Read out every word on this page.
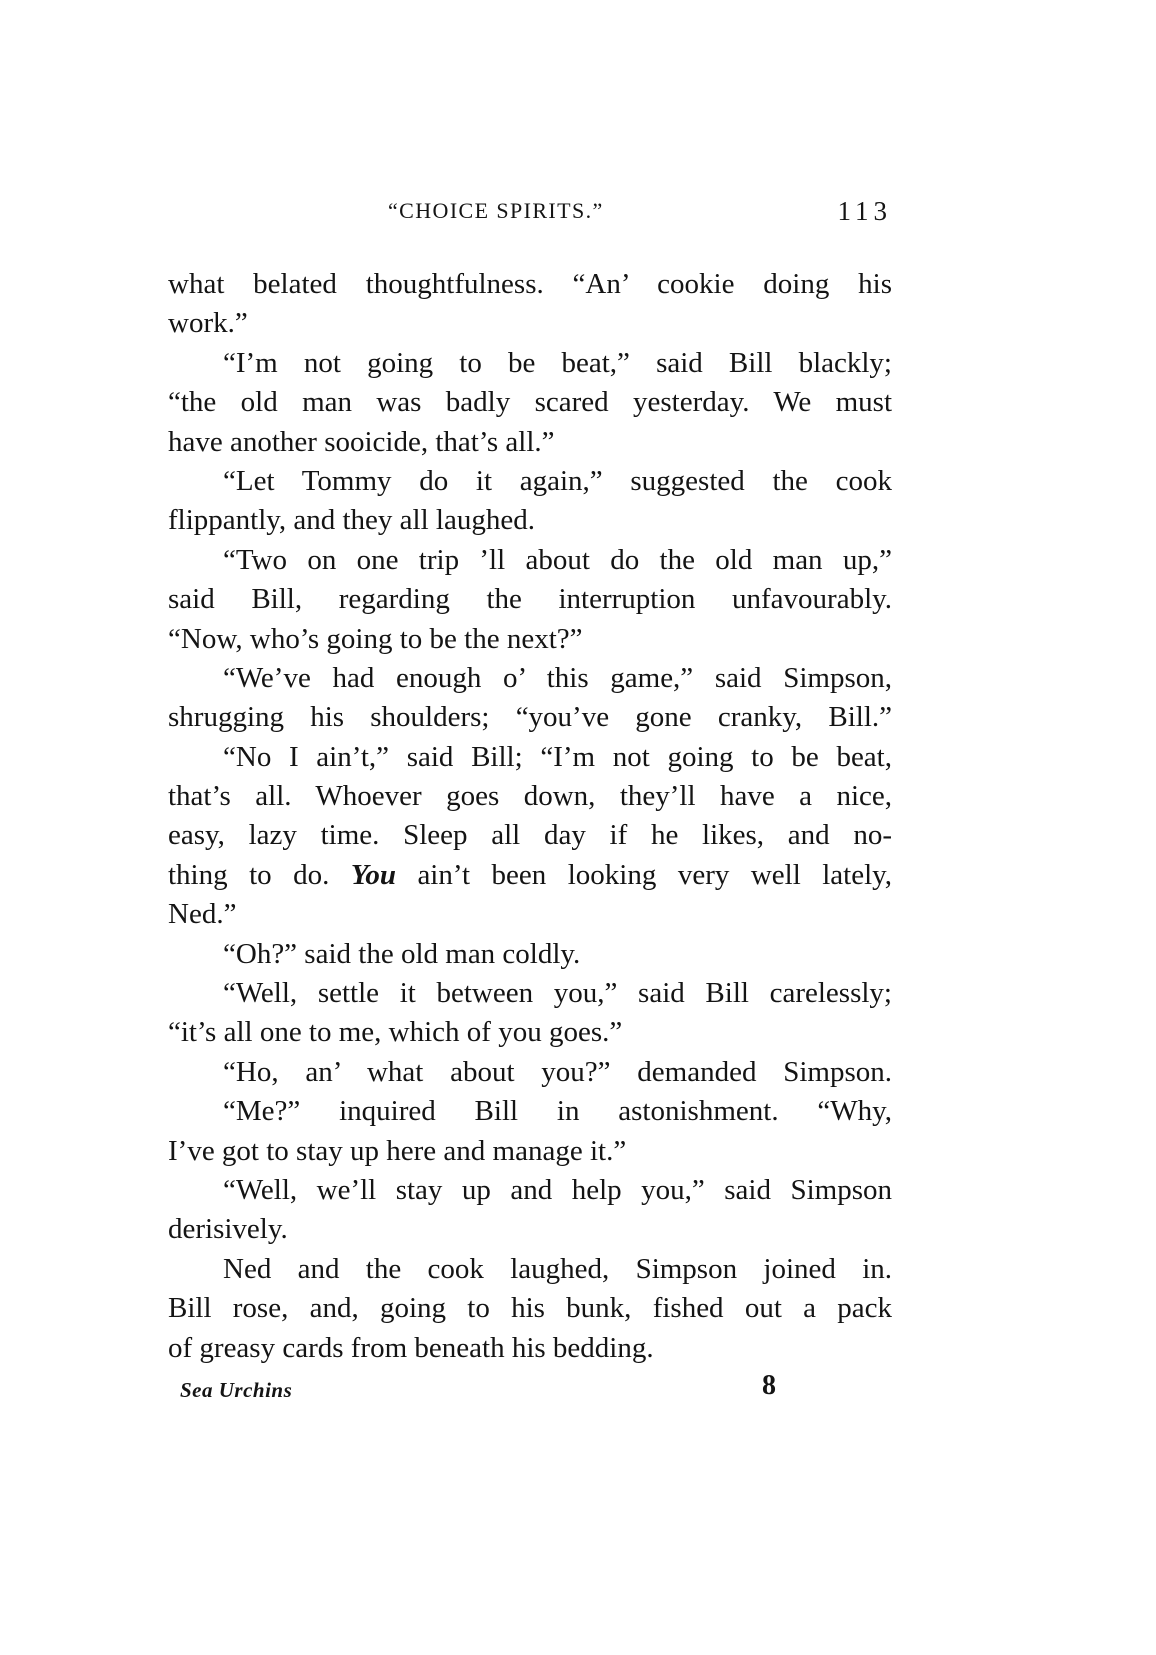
“CHOICE SPIRITS.”	113
what belated thoughtfulness. “An’ cookie doing his
work.”
“I’m not going to be beat,” said Bill blackly;
“the old man was badly scared yesterday. We must
have another sooicide, that’s all.”
“Let Tommy do it again,” suggested the cook
flippantly, and they all laughed.
“Two on one trip ’ll about do the old man up,”
said Bill, regarding the interruption unfavourably.
“Now, who’s going to be the next?”
“We’ve had enough o’ this game,” said Simpson,
shrugging his shoulders; “you’ve gone cranky, Bill.”
“No I ain’t,” said Bill; “I’m not going to be beat,
that’s all. Whoever goes down, they’ll have a nice,
easy, lazy time. Sleep all day if he likes, and no-
thing to do. You ain’t been looking very well lately,
Ned.”
“Oh?” said the old man coldly.
“Well, settle it between you,” said Bill carelessly;
“it’s all one to me, which of you goes.”
“Ho, an’ what about you?” demanded Simpson.
“Me?” inquired Bill in astonishment. “Why,
I’ve got to stay up here and manage it.”
“Well, we’ll stay up and help you,” said Simpson
derisively.
Ned and the cook laughed, Simpson joined in.
Bill rose, and, going to his bunk, fished out a pack
of greasy cards from beneath his bedding.
Sea Urchins	8
